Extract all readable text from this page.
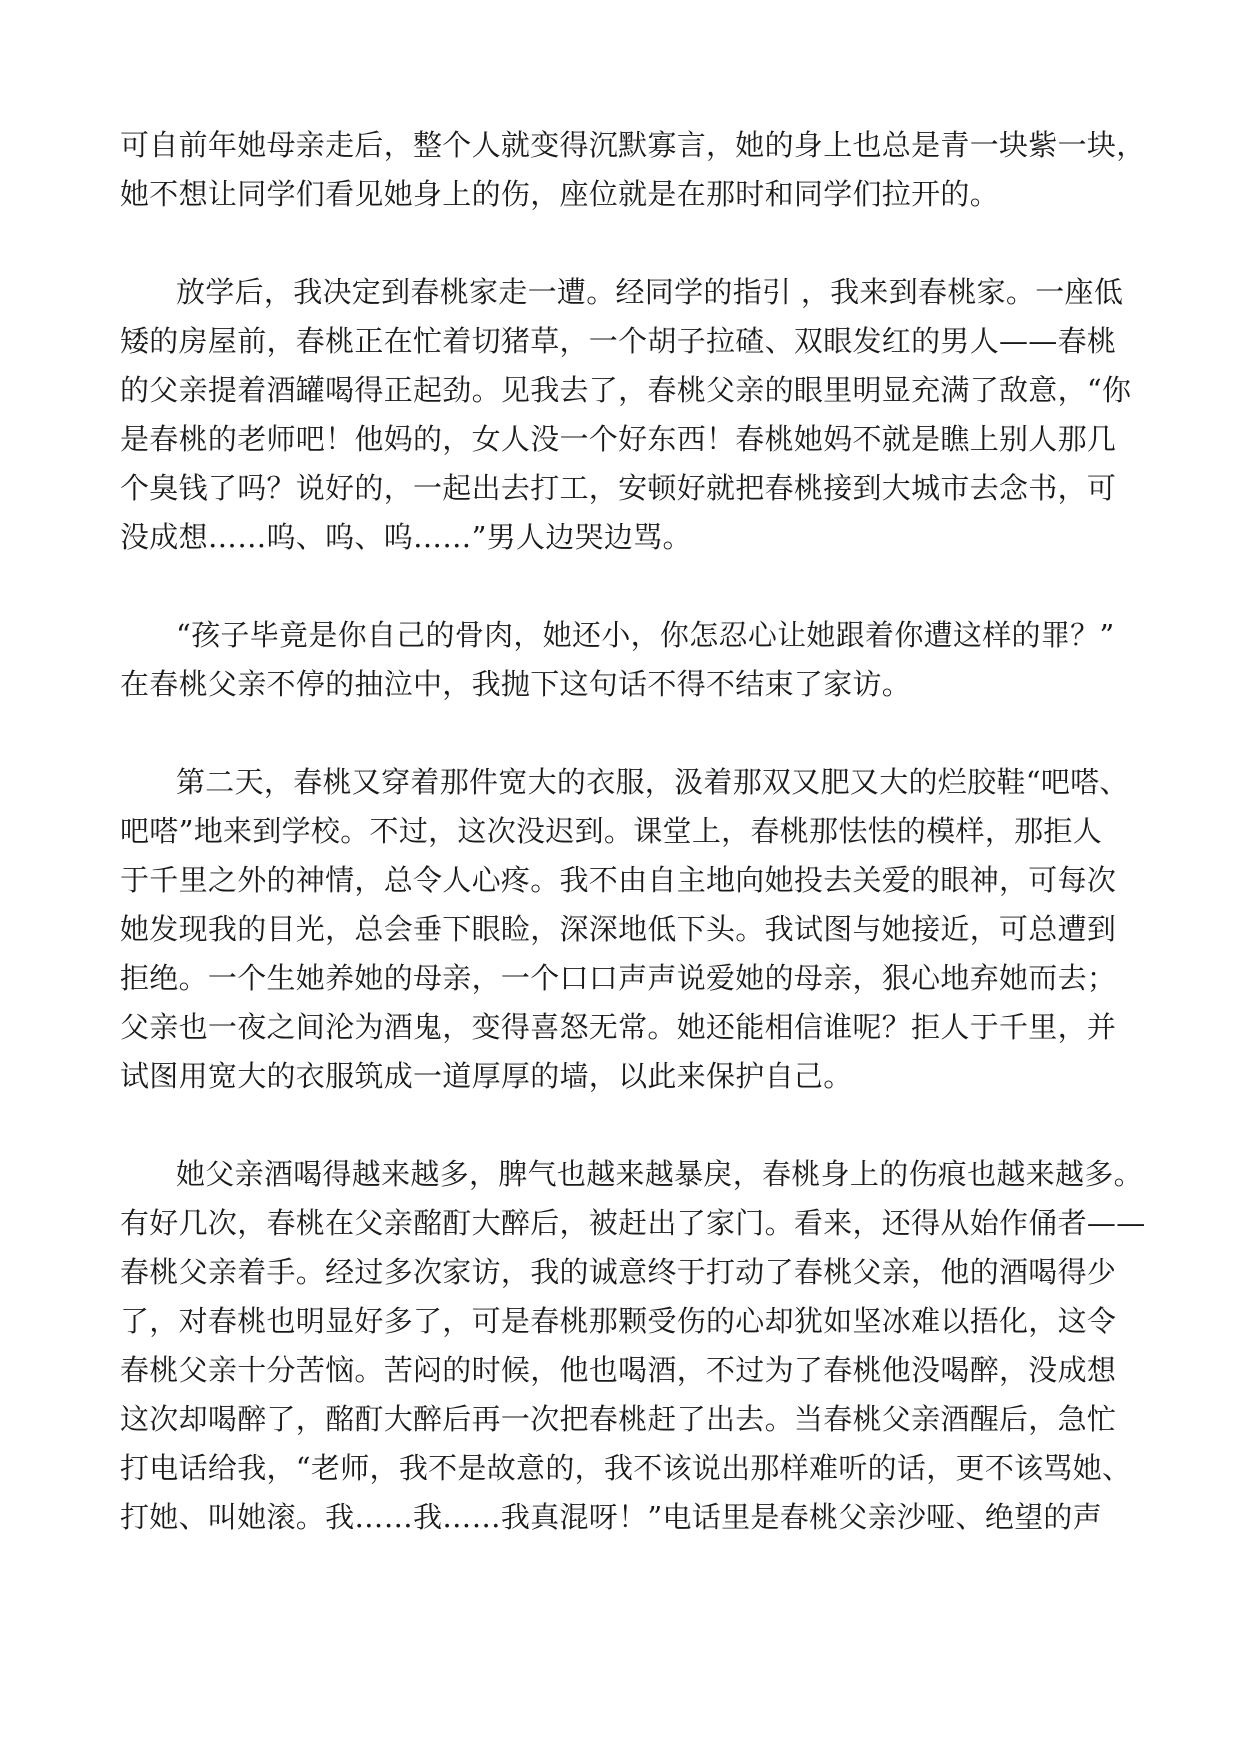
可自前年她母亲走后，整个人就变得沉默寡言，她的身上也总是青一块紫一块，
她不想让同学们看见她身上的伤，座位就是在那时和同学们拉开的。
放学后，我决定到春桃家走一遭。经同学的指引 ，我来到春桃家。一座低
矮的房屋前，春桃正在忙着切猪草，一个胡子拉碴、双眼发红的男人——春桃
的父亲提着酒罐喝得正起劲。见我去了，春桃父亲的眼里明显充满了敌意，“你
是春桃的老师吧！他妈的，女人没一个好东西！春桃她妈不就是瞧上别人那几
个臭钱了吗？说好的，一起出去打工，安顿好就把春桃接到大城市去念书，可
没成想……呜、呜、呜……”男人边哭边骂。
“孩子毕竟是你自己的骨肉，她还小，你怎忍心让她跟着你遭这样的罪？”
在春桃父亲不停的抽泣中，我抛下这句话不得不结束了家访。
第二天，春桃又穿着那件宽大的衣服，汲着那双又肥又大的烂胶鞋“吧嗒、
吧嗒”地来到学校。不过，这次没迟到。课堂上，春桃那怯怯的模样，那拒人
于千里之外的神情，总令人心疼。我不由自主地向她投去关爱的眼神，可每次
她发现我的目光，总会垂下眼睑，深深地低下头。我试图与她接近，可总遭到
拒绝。一个生她养她的母亲，一个口口声声说爱她的母亲，狠心地弃她而去；
父亲也一夜之间沦为酒鬼，变得喜怒无常。她还能相信谁呢？拒人于千里，并
试图用宽大的衣服筑成一道厚厚的墙，以此来保护自己。
她父亲酒喝得越来越多，脾气也越来越暴戾，春桃身上的伤痕也越来越多。
有好几次，春桃在父亲酩酊大醉后，被赶出了家门。看来，还得从始作俑者——
春桃父亲着手。经过多次家访，我的诚意终于打动了春桃父亲，他的酒喝得少
了，对春桃也明显好多了，可是春桃那颗受伤的心却犹如坚冰难以捂化，这令
春桃父亲十分苦恼。苦闷的时候，他也喝酒，不过为了春桃他没喝醉，没成想
这次却喝醉了，酩酊大醉后再一次把春桃赶了出去。当春桃父亲酒醒后，急忙
打电话给我，“老师，我不是故意的，我不该说出那样难听的话，更不该骂她、
打她、叫她滚。我……我……我真混呀！”电话里是春桃父亲沙哑、绝望的声
